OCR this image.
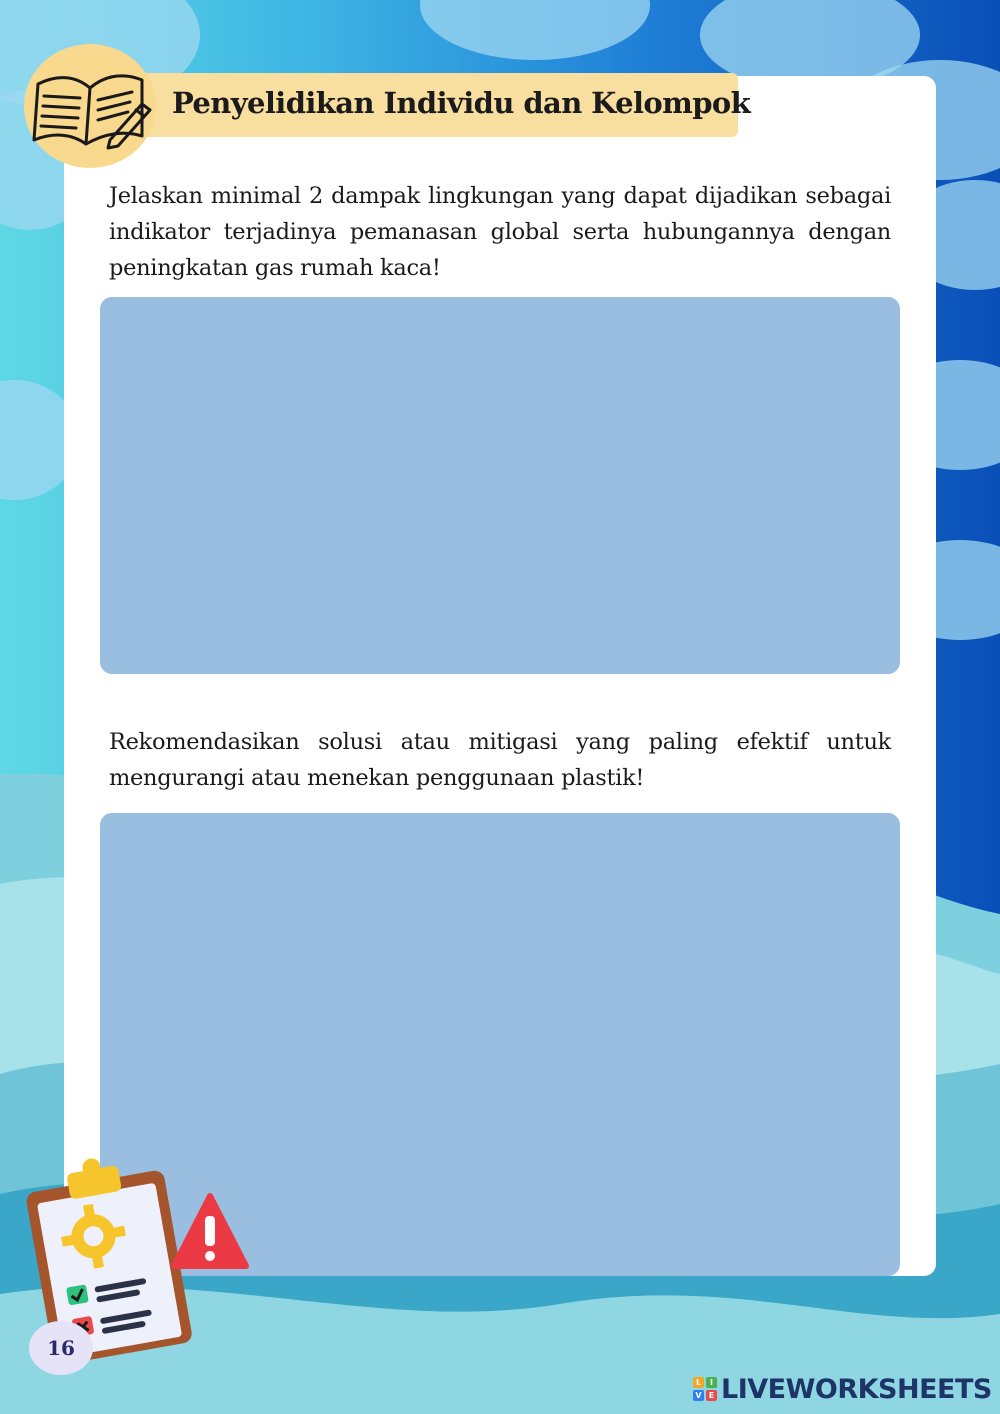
Penyelidikan Individu dan Kelompok
Jelaskan minimal 2 dampak lingkungan yang dapat dijadikan sebagai indikator terjadinya pemanasan global serta hubungannya dengan peningkatan gas rumah kaca!
Rekomendasikan solusi atau mitigasi yang paling efektif untuk mengurangi atau menekan penggunaan plastik!
16
L	I
V E LIVEWORKSHEETS
